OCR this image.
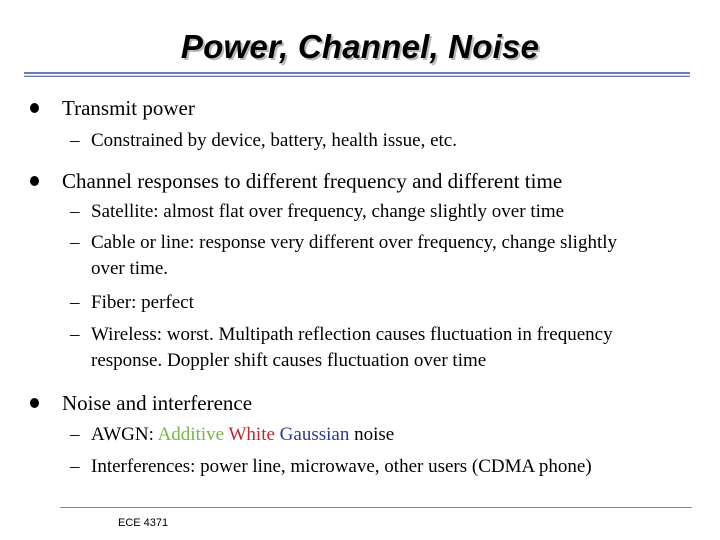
Power, Channel, Noise
Transmit power
– Constrained by device, battery, health issue, etc.
Channel responses to different frequency and different time
– Satellite: almost flat over frequency, change slightly over time
– Cable or line: response very different over frequency, change slightly over time.
– Fiber: perfect
– Wireless: worst. Multipath reflection causes fluctuation in frequency response. Doppler shift causes fluctuation over time
Noise and interference
– AWGN: Additive White Gaussian noise
– Interferences: power line, microwave, other users (CDMA phone)
ECE 4371
